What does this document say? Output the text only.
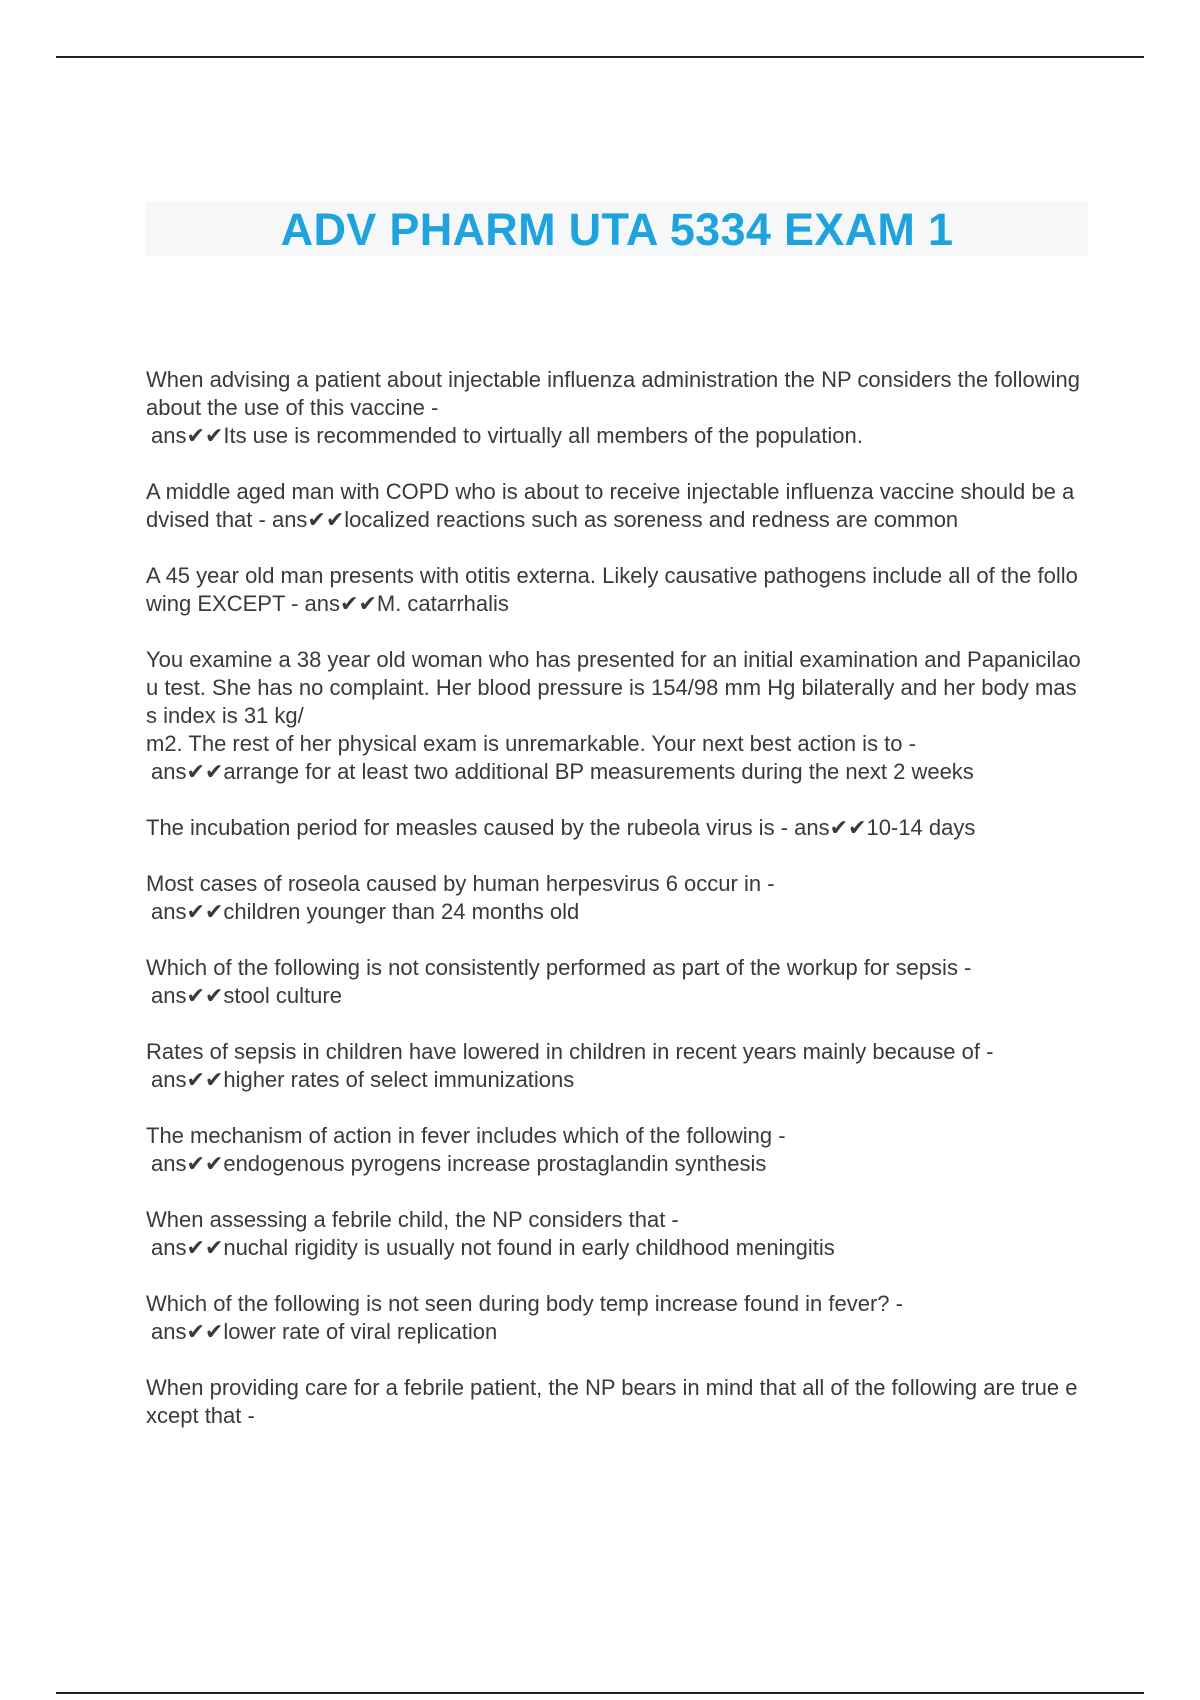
ADV PHARM UTA 5334 EXAM 1
When advising a patient about injectable influenza administration the NP considers the following about the use of this vaccine -
ans✔✔Its use is recommended to virtually all members of the population.
A middle aged man with COPD who is about to receive injectable influenza vaccine should be advised that - ans✔✔localized reactions such as soreness and redness are common
A 45 year old man presents with otitis externa. Likely causative pathogens include all of the following EXCEPT - ans✔✔M. catarrhalis
You examine a 38 year old woman who has presented for an initial examination and Papanicilaou test. She has no complaint. Her blood pressure is 154/98 mm Hg bilaterally and her body mass index is 31 kg/
m2. The rest of her physical exam is unremarkable. Your next best action is to -
ans✔✔arrange for at least two additional BP measurements during the next 2 weeks
The incubation period for measles caused by the rubeola virus is - ans✔✔10-14 days
Most cases of roseola caused by human herpesvirus 6 occur in -
ans✔✔children younger than 24 months old
Which of the following is not consistently performed as part of the workup for sepsis -
ans✔✔stool culture
Rates of sepsis in children have lowered in children in recent years mainly because of -
ans✔✔higher rates of select immunizations
The mechanism of action in fever includes which of the following -
ans✔✔endogenous pyrogens increase prostaglandin synthesis
When assessing a febrile child, the NP considers that -
ans✔✔nuchal rigidity is usually not found in early childhood meningitis
Which of the following is not seen during body temp increase found in fever? -
ans✔✔lower rate of viral replication
When providing care for a febrile patient, the NP bears in mind that all of the following are true except that -
